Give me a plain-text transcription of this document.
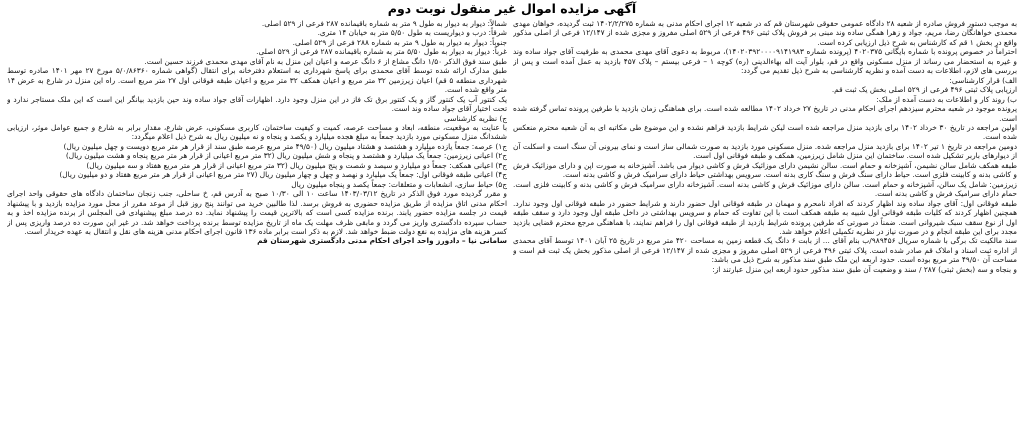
آگهی مزایده اموال غیر منقول نوبت دوم

به موجب دستور فروش صادره از شعبه ۲۸ دادگاه عمومی حقوقی شهرستان قم که در شعبه ۱۲ اجرای احکام مدنی به شماره ۱۴۰۲/۲/۲۷۵ ثبت گردیده، خواهان مهدی محمدی خواهانگان رضا، مریم، جواد و زهرا همگی ساده وند مبنی بر فروش پلاک ثبتی ۴۹۶ فرعی از ۵۲۹ اصلی مفروز و مجزی شده از ۱۲/۱۴۷ فرعی از اصلی مذکور واقع در بخش ۱ قم که کارشناس به شرح ذیل ارزیابی کرده است.

احتراماً در خصوص پرونده با شماره بایگانی ۴۰۲۰۳۷۵ (پرونده شماره ۱۴۰۲۰۳۹۲۰۰۰۰۹۱۴۱۹۸۳)، مربوط به دعوی آقای مهدی محمدی به طرفیت آقای جواد ساده وند و غیره به استحضار می رساند از منزل مسکونی واقع در قم، بلوار آیت اله بهاءالدینی (ره) کوچه ۱ – فرعی بیستم – پلاک ۴۵۷ بازدید به عمل آمده است و پس از بررسی های لازم، اطلاعات به دست آمده و نظریه کارشناسی به شرح ذیل تقدیم می گردد:

الف) قرار کارشناسی:

ارزیابی پلاک ثبتی ۴۹۶ فرعی از ۵۲۹ اصلی بخش یک ثبت قم.

ب) روند کار و اطلاعات به دست آمده از ملک:

پرونده موجود در شعبه محترم سیزدهم اجرای احکام مدنی در تاریخ ۲۷ خرداد ۱۴۰۲ مطالعه شده است. برای هماهنگی زمان بازدید با طرفین پرونده تماس گرفته شده است.

اولین مراجعه در تاریخ ۳۰ خرداد ۱۴۰۲ برای بازدید منزل مراجعه شده است لیکن شرایط بازدید فراهم نشده و این موضوع طی مکاتبه ای به آن شعبه محترم منعکس شده است.

دومین مراجعه در تاریخ ۱ تیر ۱۴۰۲ برای بازدید منزل مراجعه شده. منزل مسکونی مورد بازدید به صورت شمالی ساز است و نمای بیرونی آن سنگ است و اسکلت آن از دیوارهای باربر تشکیل شده است. ساختمان این منزل شامل زیرزمین، همکف و طبقه فوقانی اول است.

طبقه همکف شامل سالن نشیمن، آشپزخانه و حمام است. سالن نشیمن دارای موزائیک فرش و کاشی دیوار می باشد. آشپزخانه به صورت اپن و دارای موزائیک فرش و کاشی بدنه و کابینت فلزی است. حیاط دارای سنگ فرش و سنگ کاری بدنه است. سرویس بهداشتی حیاط دارای سرامیک فرش و کاشی بدنه است.

زیرزمین: شامل یک سالن، آشپزخانه و حمام است. سالن دارای موزائیک فرش و کاشی بدنه است. آشپزخانه دارای سرامیک فرش و کاشی بدنه و کابینت فلزی است. حمام دارای سرامیک فرش و کاشی بدنه است.

طبقه فوقانی اول: آقای جواد ساده وند اظهار کردند که افراد نامحرم و مهمان در طبقه فوقانی اول حضور دارند و شرایط حضور در طبقه فوقانی اول وجود ندارد. همچنین اظهار کردند که کلیات طبقه فوقانی اول شبیه به طبقه همکف است با این تفاوت که حمام و سرویس بهداشتی در داخل طبقه اول وجود دارد و سقف طبقه اول از نوع سقف سبک شیروانی است. ضمناً در صورتی که طرفین پرونده شرایط بازدید از طبقه فوقانی اول را فراهم نمایند، با هماهنگی مرجع محترم قضایی بازدید مجدد برای این طبقه انجام و در صورت نیاز در نظریه تکمیلی اعلام خواهد شد.

سند مالکیت تک برگی با شماره سریال ۹۸۹۴۵۶/ب بنام آقای ... از بابت ۶ دانگ یک قطعه زمین به مساحت ۴۲۰ متر مربع در تاریخ ۲۵ آبان ۱۴۰۱ توسط آقای محمدی از اداره ثبت اسناد و املاک قم صادر شده است. پلاک ثبتی ۴۹۶ فرعی از ۵۲۹ اصلی مفروز و مجزی شده از ۱۲/۱۴۷ فرعی از اصلی مذکور بخش یک ثبت قم است و مساحت آن ۴۹/۵۰ متر مربع بوده است. حدود اربعه این ملک طبق سند مذکور به شرح ذیل می باشد:

و بنجاه و سه (بخش ثبتی) ۲۸۷ / سند و وضعیت آن طبق سند مذکور حدود اربعه این منزل عبارتند از:

شمالاً: دیوار به دیوار به طول ۹ متر به شماره باقیمانده ۲۸۷ فرعی از ۵۲۹ اصلی.

شرقاً: درب و دیواریست به طول ۵/۵۰ متر به خیابان ۱۴ متری.

جنوباً: دیوار به دیوار به طول ۹ متر به شماره ۲۸۸ فرعی از ۵۲۹ اصلی.

غرباً: دیوار به دیوار به طول ۵/۵۰ متر به شماره باقیمانده ۲۸۷ فرعی از ۵۲۹ اصلی.

طبق سند فوق الذکر ۱/۵۰ دانگ مشاع از ۶ دانگ عرصه و اعیان این منزل به نام آقای مهدی محمدی فرزند حسین است.

طبق مدارک ارائه شده توسط آقای محمدی برای پاسخ شهرداری به استعلام دفترخانه برای انتقال (گواهی شماره ۵/۰/۸۶۳۶۰ مورخ ۲۷ مهر ۱۴۰۱ صادره توسط شهرداری منطقه ۵ قم) اعیان زیرزمین ۳۲ متر مربع و اعیان همکف ۳۲ متر مربع و اعیان طبقه فوقانی اول ۲۷ متر مربع است. راه این منزل در شارع به عرض ۱۴ متر واقع شده است.

یک کنتور آب یک کنتور گاز و یک کنتور برق تک فاز در این منزل وجود دارد. اظهارات آقای جواد ساده وند حین بازدید بیانگر این است که این ملک مستاجر ندارد و تحت اختیار آقای جواد ساده وند است.

ج) نظریه کارشناسی

با عنایت به موقعیت، منطقه، ابعاد و مساحت عرصه، کمیت و کیفیت ساختمان، کاربری مسکونی، عرض شارع، مقدار برابر به شارع و جمیع عوامل موثر، ارزیابی ششدانگ منزل مسکونی مورد بازدید جمعاً به مبلغ هجده میلیارد و یکصد و پنجاه و نه میلیون ریال به شرح ذیل اعلام میگردد:

ج۱) عرصه: جمعاً یازده میلیارد و هشتصد و هشتاد میلیون ریال (۴۹/۵۰ متر مربع عرصه طبق سند از قرار هر متر مربع دویست و چهل میلیون ریال)

ج۲) اعیانی زیرزمین: جمعاً یک میلیارد و هشتصد و پنجاه و شش میلیون ریال (۳۲ متر مربع اعیانی از قرار هر متر مربع پنجاه و هشت میلیون ریال)

ج۳) اعیانی همکف: جمعاً دو میلیارد و سیصد و شصت و پنج میلیون ریال (۳۲ متر مربع اعیانی از قرار هر متر مربع هفتاد و سه میلیون ریال)

ج۴) اعیانی طبقه فوقانی اول: جمعاً یک میلیارد و نهصد و چهل و چهار میلیون ریال (۲۷ متر مربع اعیانی از قرار هر متر مربع هفتاد و دو میلیون ریال)

ج۵) حیاط سازی، انشعابات و متعلقات: جمعاً یکصد و پنجاه میلیون ریال

و مقرر گردیده مورد فوق الذکر در تاریخ ۱۴۰۳/۰۳/۱۲ ساعت ۱۰ الی ۱۰/۳۰ صبح به آدرس قم، خ ساحلی، جنب زنجان ساختمان دادگاه های حقوقی واحد اجرای احکام مدنی اتاق مزایده از طریق مزایده حضوری به فروش برسد. لذا طالبین خرید می توانند پنج روز قبل از موعد مقرر از محل مورد مزایده بازدید و با پیشنهاد قیمت در جلسه مزایده حضور یابند. برنده مزایده کسی است که بالاترین قیمت را پیشنهاد نماید. ده درصد مبلغ پیشنهادی فی المجلس از برنده مزایده اخذ و به حساب سپرده دادگستری واریز می گردد و مابقی ظرف مهلت یک ماه از تاریخ مزایده توسط برنده پرداخت خواهد شد. در غیر این صورت ده درصد واریزی پس از کسر هزینه های مزایده به نفع دولت ضبط خواهد شد. لازم به ذکر است برابر ماده ۱۳۶ قانون اجرای احکام مدنی هزینه های نقل و انتقال به عهده خریدار است.

سامانی نیا – دادورز واحد اجرای احکام مدنی دادگستری شهرستان قم
